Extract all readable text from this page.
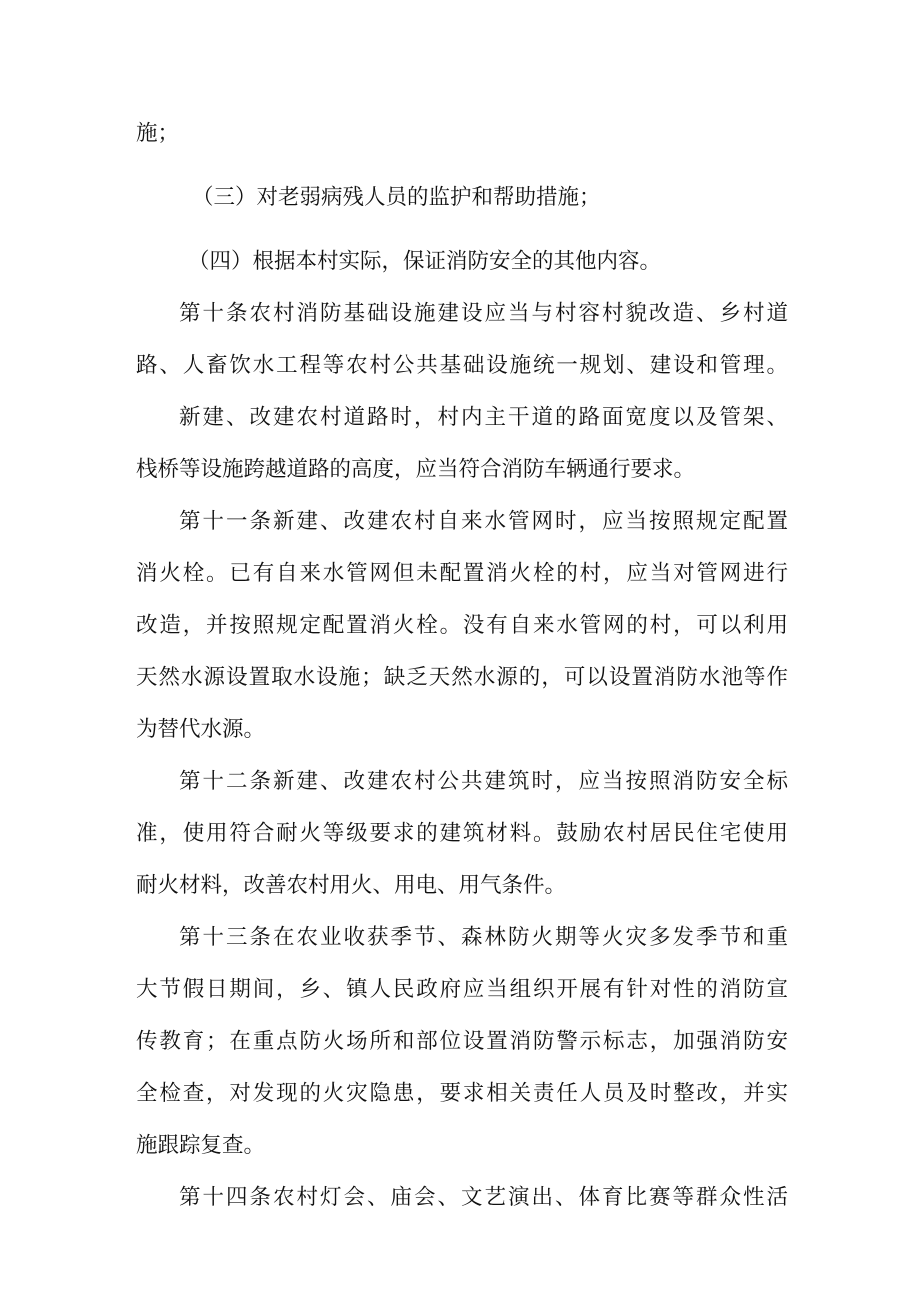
施；
（三）对老弱病残人员的监护和帮助措施；
（四）根据本村实际，保证消防安全的其他内容。
第十条农村消防基础设施建设应当与村容村貌改造、乡村道
路、人畜饮水工程等农村公共基础设施统一规划、建设和管理。
新建、改建农村道路时，村内主干道的路面宽度以及管架、
栈桥等设施跨越道路的高度，应当符合消防车辆通行要求。
第十一条新建、改建农村自来水管网时，应当按照规定配置
消火栓。已有自来水管网但未配置消火栓的村，应当对管网进行
改造，并按照规定配置消火栓。没有自来水管网的村，可以利用
天然水源设置取水设施；缺乏天然水源的，可以设置消防水池等作
为替代水源。
第十二条新建、改建农村公共建筑时，应当按照消防安全标
准，使用符合耐火等级要求的建筑材料。鼓励农村居民住宅使用
耐火材料，改善农村用火、用电、用气条件。
第十三条在农业收获季节、森林防火期等火灾多发季节和重
大节假日期间，乡、镇人民政府应当组织开展有针对性的消防宣
传教育；在重点防火场所和部位设置消防警示标志，加强消防安
全检查，对发现的火灾隐患，要求相关责任人员及时整改，并实
施跟踪复查。
第十四条农村灯会、庙会、文艺演出、体育比赛等群众性活
